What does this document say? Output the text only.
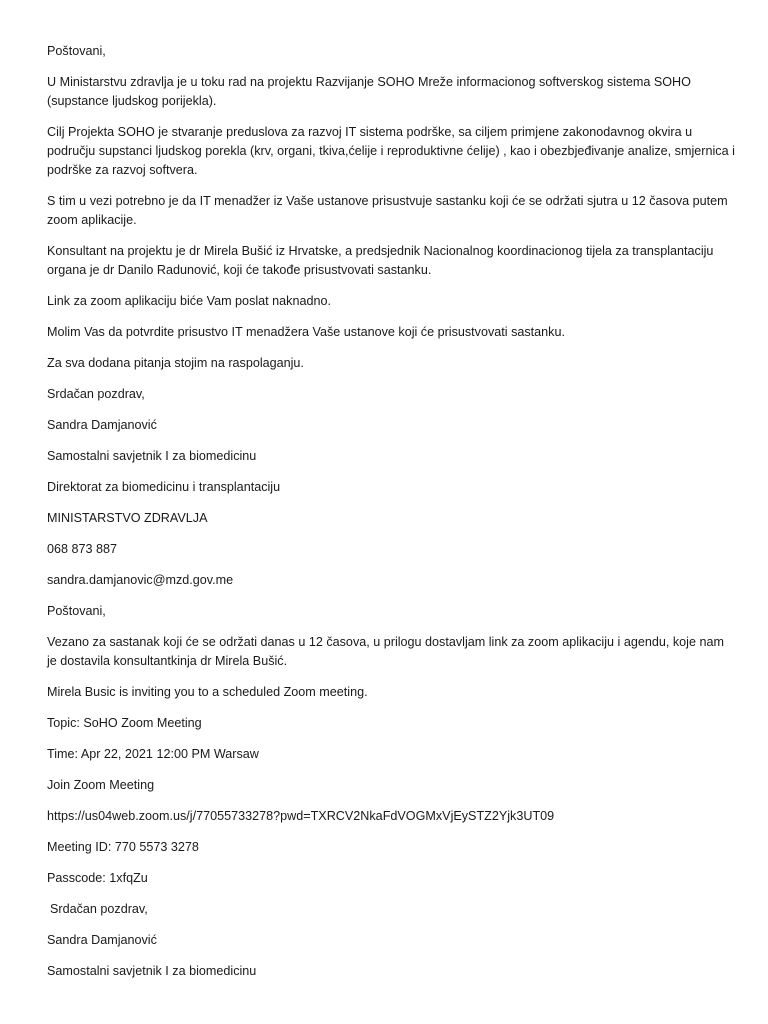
Poštovani,

U Ministarstvu zdravlja je u toku rad na projektu Razvijanje SOHO Mreže informacionog softverskog sistema SOHO (supstance ljudskog porijekla).

Cilj Projekta SOHO je stvaranje preduslova za razvoj IT sistema podrške, sa ciljem primjene zakonodavnog okvira u području supstanci ljudskog porekla (krv, organi, tkiva,ćelije i reproduktivne ćelije) , kao i obezbjeđivanje analize, smjernica i podrške za razvoj softvera.

S tim u vezi potrebno je da IT menadžer iz Vaše ustanove prisustvuje sastanku koji će se održati sjutra u 12 časova putem zoom aplikacije.

Konsultant na projektu je dr Mirela Bušić iz Hrvatske, a predsjednik Nacionalnog koordinacionog tijela za transplantaciju organa je dr Danilo Radunović, koji će takođe prisustvovati sastanku.

Link za zoom aplikaciju biće Vam poslat naknadno.

Molim Vas da potvrdite prisustvo IT menadžera Vaše ustanove koji će prisustvovati sastanku.

Za sva dodana pitanja stojim na raspolaganju.

Srdačan pozdrav,

Sandra Damjanović

Samostalni savjetnik I za biomedicinu

Direktorat za biomedicinu i transplantaciju

MINISTARSTVO ZDRAVLJA

068 873 887

sandra.damjanovic@mzd.gov.me

Poštovani,

Vezano za sastanak koji će se održati danas u 12 časova, u prilogu dostavljam link za zoom aplikaciju i agendu, koje nam je dostavila konsultantkinja dr Mirela Bušić.

Mirela Busic is inviting you to a scheduled Zoom meeting.

Topic: SoHO Zoom Meeting

Time: Apr 22, 2021 12:00 PM Warsaw

Join Zoom Meeting

https://us04web.zoom.us/j/77055733278?pwd=TXRCV2NkaFdVOGMxVjEySTZ2Yjk3UT09

Meeting ID: 770 5573 3278

Passcode: 1xfqZu

Srdačan pozdrav,

Sandra Damjanović

Samostalni savjetnik I za biomedicinu
